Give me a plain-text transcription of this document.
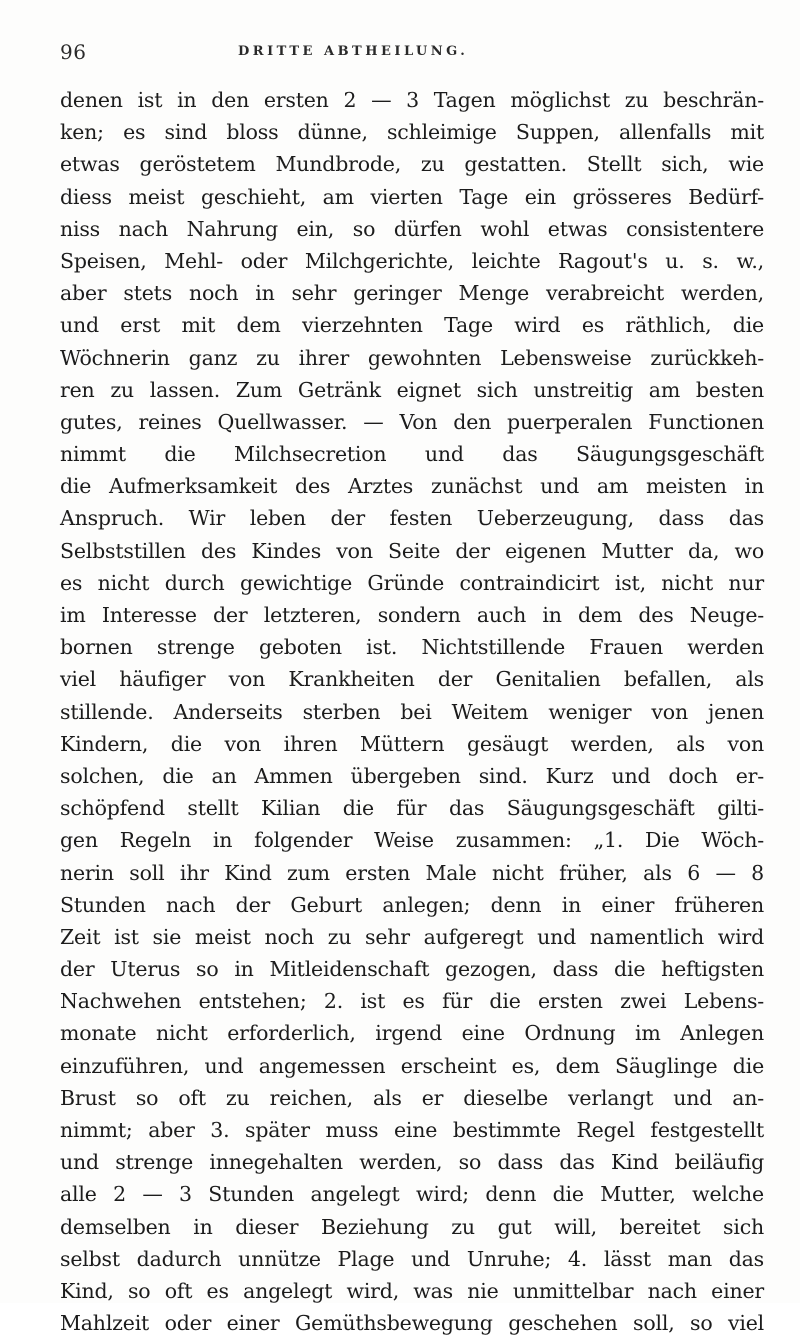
96	DRITTE ABTHEILUNG.
denen ist in den ersten 2 — 3 Tagen möglichst zu beschrän-
ken; es sind bloss dünne, schleimige Suppen, allenfalls mit
etwas geröstetem Mundbrode, zu gestatten. Stellt sich, wie
diess meist geschieht, am vierten Tage ein grösseres Bedürf-
niss nach Nahrung ein, so dürfen wohl etwas consistentere
Speisen, Mehl- oder Milchgerichte, leichte Ragout's u. s. w.,
aber stets noch in sehr geringer Menge verabreicht werden,
und erst mit dem vierzehnten Tage wird es räthlich, die
Wöchnerin ganz zu ihrer gewohnten Lebensweise zurückkeh-
ren zu lassen. Zum Getränk eignet sich unstreitig am besten
gutes, reines Quellwasser. — Von den puerperalen Functionen
nimmt die Milchsecretion und das Säugungsgeschäft
die Aufmerksamkeit des Arztes zunächst und am meisten in
Anspruch. Wir leben der festen Ueberzeugung, dass das
Selbststillen des Kindes von Seite der eigenen Mutter da, wo
es nicht durch gewichtige Gründe contraindicirt ist, nicht nur
im Interesse der letzteren, sondern auch in dem des Neuge-
bornen strenge geboten ist. Nichtstillende Frauen werden
viel häufiger von Krankheiten der Genitalien befallen, als
stillende. Anderseits sterben bei Weitem weniger von jenen
Kindern, die von ihren Müttern gesäugt werden, als von
solchen, die an Ammen übergeben sind. Kurz und doch er-
schöpfend stellt Kilian die für das Säugungsgeschäft gilti-
gen Regeln in folgender Weise zusammen: „1. Die Wöch-
nerin soll ihr Kind zum ersten Male nicht früher, als 6 — 8
Stunden nach der Geburt anlegen; denn in einer früheren
Zeit ist sie meist noch zu sehr aufgeregt und namentlich wird
der Uterus so in Mitleidenschaft gezogen, dass die heftigsten
Nachwehen entstehen; 2. ist es für die ersten zwei Lebens-
monate nicht erforderlich, irgend eine Ordnung im Anlegen
einzuführen, und angemessen erscheint es, dem Säuglinge die
Brust so oft zu reichen, als er dieselbe verlangt und an-
nimmt; aber 3. später muss eine bestimmte Regel festgestellt
und strenge innegehalten werden, so dass das Kind beiläufig
alle 2 — 3 Stunden angelegt wird; denn die Mutter, welche
demselben in dieser Beziehung zu gut will, bereitet sich
selbst dadurch unnütze Plage und Unruhe; 4. lässt man das
Kind, so oft es angelegt wird, was nie unmittelbar nach einer
Mahlzeit oder einer Gemüthsbewegung geschehen soll, so viel
